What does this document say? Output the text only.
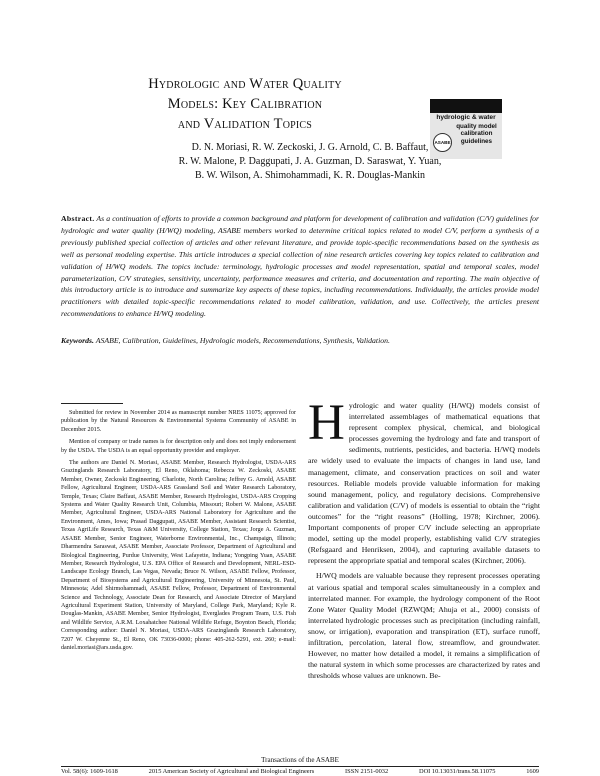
Hydrologic and Water Quality
Models: Key Calibration
and Validation Topics	hydrologic & water
quality model
calibration
guidelines
ASABE
D. N. Moriasi, R. W. Zeckoski, J. G. Arnold, C. B. Baffaut,
R. W. Malone, P. Daggupati, J. A. Guzman, D. Saraswat, Y. Yuan,
B. W. Wilson, A. Shimohammadi, K. R. Douglas-Mankin
Abstract. As a continuation of efforts to provide a common background and platform for development of calibration and validation (C/V) guidelines for hydrologic and water quality (H/WQ) modeling, ASABE members worked to determine critical topics related to model C/V, perform a synthesis of a previously published special collection of articles and other relevant literature, and provide topic-specific recommendations based on the synthesis as well as personal modeling expertise. This article introduces a special collection of nine research articles covering key topics related to calibration and validation of H/WQ models. The topics include: terminology, hydrologic processes and model representation, spatial and temporal scales, model parameterization, C/V strategies, sensitivity, uncertainty, performance measures and criteria, and documentation and reporting. The main objective of this introductory article is to introduce and summarize key aspects of these topics, including recommendations. Individually, the articles provide model practitioners with detailed topic-specific recommendations related to model calibration, validation, and use. Collectively, the articles present recommendations to enhance H/WQ modeling.
Keywords. ASABE, Calibration, Guidelines, Hydrologic models, Recommendations, Synthesis, Validation.

Submitted for review in November 2014 as manuscript number NRES 11075; approved for publication by the Natural Resources & Environmental Systems Community of ASABE in December 2015.

Mention of company or trade names is for description only and does not imply endorsement by the USDA. The USDA is an equal opportunity provider and employer.

The authors are Daniel N. Moriasi, ASABE Member, Research Hydrologist, USDA-ARS Grazinglands Research Laboratory, El Reno, Oklahoma; Rebecca W. Zeckoski, ASABE Member, Owner, Zeckoski Engineering, Charlotte, North Carolina; Jeffrey G. Arnold, ASABE Fellow, Agricultural Engineer, USDA-ARS Grassland Soil and Water Research Laboratory, Temple, Texas; Claire Baffaut, ASABE Member, Research Hydrologist, USDA-ARS Cropping Systems and Water Quality Research Unit, Columbia, Missouri; Robert W. Malone, ASABE Member, Agricultural Engineer, USDA-ARS National Laboratory for Agriculture and the Environment, Ames, Iowa; Prasad Daggupati, ASABE Member, Assistant Research Scientist, Texas AgriLife Research, Texas A&M University, College Station, Texas; Jorge A. Guzman, ASABE Member, Senior Engineer, Waterborne Environmental, Inc., Champaign, Illinois; Dharmendra Saraswat, ASABE Member, Associate Professor, Department of Agricultural and Biological Engineering, Purdue University, West Lafayette, Indiana; Yongping Yuan, ASABE Member, Research Hydrologist, U.S. EPA Office of Research and Development, NERL-ESD-Landscape Ecology Branch, Las Vegas, Nevada; Bruce N. Wilson, ASABE Fellow, Professor, Department of Biosystems and Agricultural Engineering, University of Minnesota, St. Paul, Minnesota; Adel Shirmohammadi, ASABE Fellow, Professor, Department of Environmental Science and Technology, Associate Dean for Research, and Associate Director of Maryland Agricultural Experiment Station, University of Maryland, College Park, Maryland; Kyle R. Douglas-Mankin, ASABE Member, Senior Hydrologist, Everglades Program Team, U.S. Fish and Wildlife Service, A.R.M. Loxahatchee National Wildlife Refuge, Boynton Beach, Florida; Corresponding author: Daniel N. Moriasi, USDA-ARS Grazinglands Research Laboratory, 7207 W. Cheyenne St., El Reno, OK 73036-0000; phone: 405-262-5291, ext. 260; e-mail: daniel.moriasi@ars.usda.gov.

Hydrologic and water quality (H/WQ) models consist of interrelated assemblages of mathematical equations that represent complex physical, chemical, and biological processes governing the hydrology and fate and transport of sediments, nutrients, pesticides, and bacteria. H/WQ models are widely used to evaluate the impacts of changes in land use, land management, climate, and conservation practices on soil and water resources. Reliable models provide valuable information for making sound management, policy, and regulatory decisions. Comprehensive calibration and validation (C/V) of models is essential to obtain the “right outcomes” for the “right reasons” (Holling, 1978; Kirchner, 2006). Important components of proper C/V include selecting an appropriate model, setting up the model properly, establishing valid C/V strategies (Refsgaard and Henriksen, 2004), and capturing available datasets to represent the appropriate spatial and temporal scales (Kirchner, 2006).

H/WQ models are valuable because they represent processes operating at various spatial and temporal scales simultaneously in a complex and interrelated manner. For example, the hydrology component of the Root Zone Water Quality Model (RZWQM; Ahuja et al., 2000) consists of interrelated hydrologic processes such as precipitation (including rainfall, snow, or irrigation), evaporation and transpiration (ET), surface runoff, infiltration, percolation, lateral flow, streamflow, and groundwater. However, no matter how detailed a model, it remains a simplification of the natural system in which some processes are characterized by rates and thresholds whose values are unknown. Be-

Transactions of the ASABE
Vol. 58(6): 1609-1618	2015 American Society of Agricultural and Biological Engineers	ISSN 2151-0032	DOI 10.13031/trans.58.11075	1609
